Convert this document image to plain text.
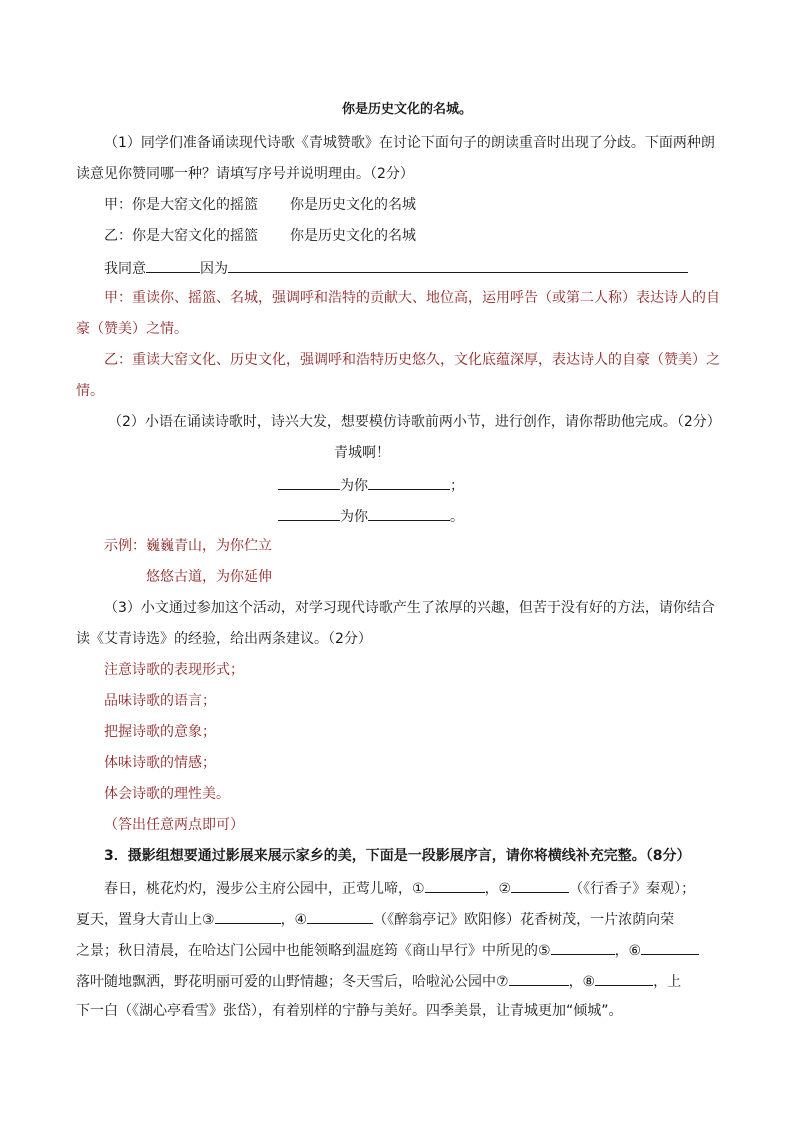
你是历史文化的名城。
（1）同学们准备诵读现代诗歌《青城赞歌》在讨论下面句子的朗读重音时出现了分歧。下面两种朗
读意见你赞同哪一种？请填写序号并说明理由。（2分）
甲：你是大窑文化的摇篮 你是历史文化的名城
乙：你是大窑文化的摇篮 你是历史文化的名城
我同意	因为
甲：重读你、摇篮、名城，强调呼和浩特的贡献大、地位高，运用呼告（或第二人称）表达诗人的自
豪（赞美）之情。
乙：重读大窑文化、历史文化，强调呼和浩特历史悠久，文化底蕴深厚，表达诗人的自豪（赞美）之
情。
（2）小语在诵读诗歌时，诗兴大发，想要模仿诗歌前两小节，进行创作，请你帮助他完成。（2分）
青城啊！
为你	；
为你	。
示例：巍巍青山，为你伫立
悠悠古道，为你延伸
（3）小文通过参加这个活动，对学习现代诗歌产生了浓厚的兴趣，但苦于没有好的方法，请你结合
读《艾青诗选》的经验，给出两条建议。（2分）
注意诗歌的表现形式；
品味诗歌的语言；
把握诗歌的意象；
体味诗歌的情感；
体会诗歌的理性美。
（答出任意两点即可）
3．摄影组想要通过影展来展示家乡的美，下面是一段影展序言，请你将横线补充完整。（8分）
春日，桃花灼灼，漫步公主府公园中，正莺儿啼，①	，②	（《行香子》秦观）；
夏天，置身大青山上③	，④	（《醉翁亭记》欧阳修）花香树茂，一片浓荫向荣
之景；秋日清晨，在哈达门公园中也能领略到温庭筠《商山早行》中所见的⑤	，⑥
落叶随地飘洒，野花明丽可爱的山野情趣；冬天雪后，哈啦沁公园中⑦	，⑧	，上
下一白（《湖心亭看雪》张岱），有着别样的宁静与美好。四季美景，让青城更加“倾城”。
